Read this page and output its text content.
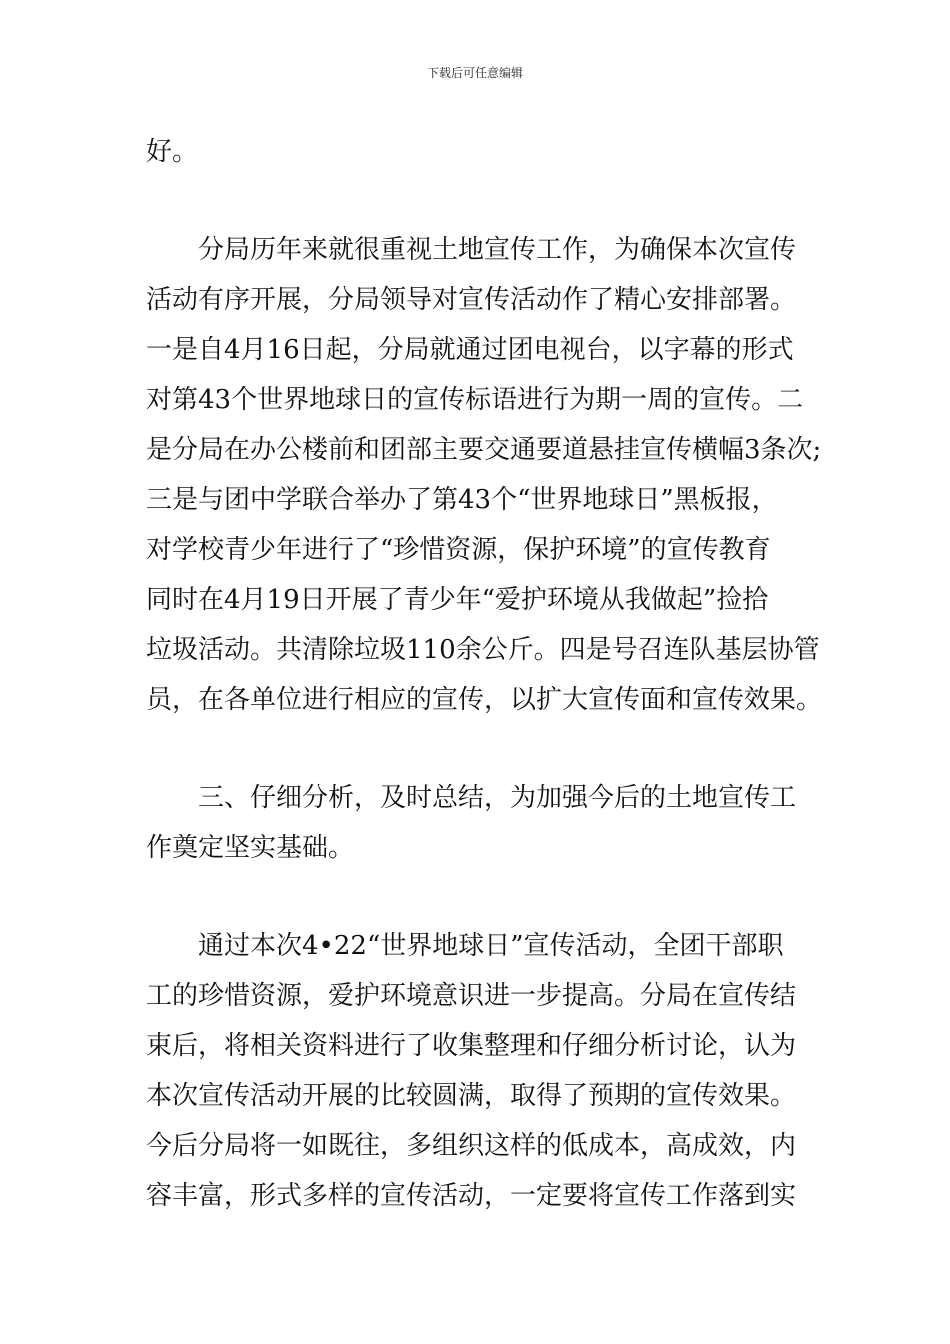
下载后可任意编辑
好。
分局历年来就很重视土地宣传工作，为确保本次宣传
活动有序开展，分局领导对宣传活动作了精心安排部署。
一是自4月16日起，分局就通过团电视台，以字幕的形式
对第43个世界地球日的宣传标语进行为期一周的宣传。二
是分局在办公楼前和团部主要交通要道悬挂宣传横幅3条次;
三是与团中学联合举办了第43个“世界地球日”黑板报，
对学校青少年进行了“珍惜资源，保护环境”的宣传教育
同时在4月19日开展了青少年“爱护环境从我做起”捡拾
垃圾活动。共清除垃圾110余公斤。四是号召连队基层协管
员，在各单位进行相应的宣传，以扩大宣传面和宣传效果。
三、仔细分析，及时总结，为加强今后的土地宣传工
作奠定坚实基础。
通过本次4•22“世界地球日”宣传活动，全团干部职
工的珍惜资源，爱护环境意识进一步提高。分局在宣传结
束后，将相关资料进行了收集整理和仔细分析讨论，认为
本次宣传活动开展的比较圆满，取得了预期的宣传效果。
今后分局将一如既往，多组织这样的低成本，高成效，内
容丰富，形式多样的宣传活动，一定要将宣传工作落到实
